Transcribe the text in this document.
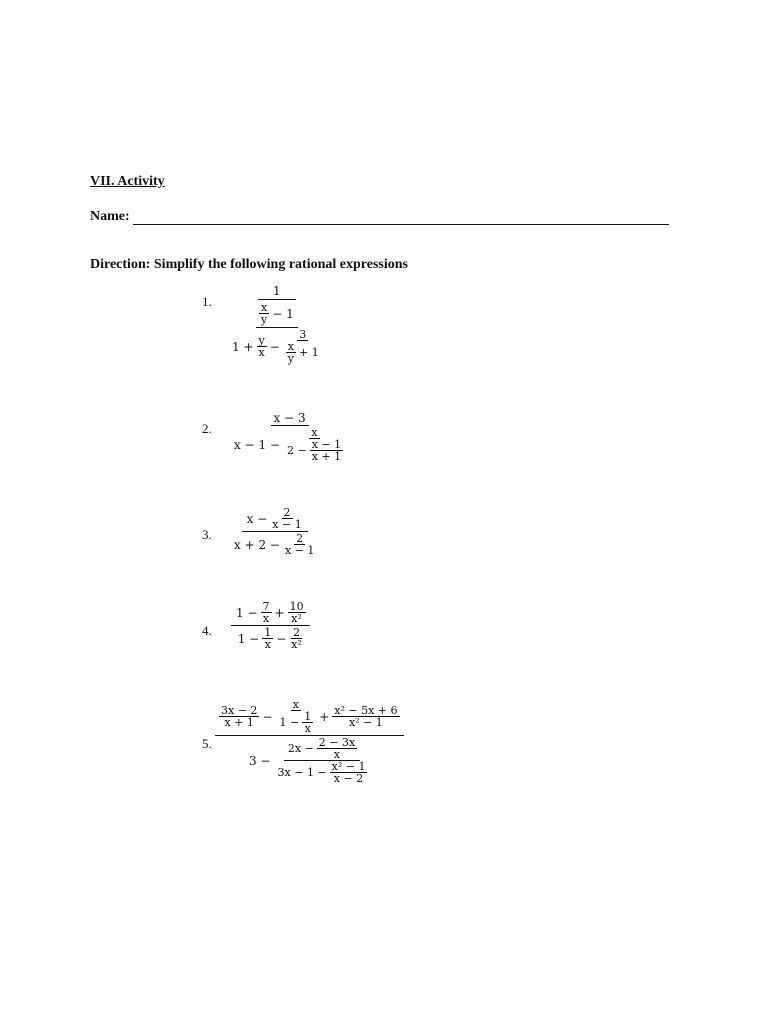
VII. Activity
Name:
Direction: Simplify the following rational expressions
1. 1
$\frac{x}{y} - 1$
$1 + \frac{y}{x} - \frac{3}{\frac{x}{y} + 1}$
2. $\frac{x - 3}{x - 1 - \frac{x}{2 - \frac{x - 1}{x + 1}}}$
3. $\frac{x - \frac{2}{x - 1}}{x + 2 - \frac{2}{x - 1}}$
4. $\frac{1 - \frac{7}{x} + \frac{10}{\text{x²}}}{1 - \frac{1}{x} - \frac{2}{\text{x²}}}$
5. $\frac{\frac{3x - 2}{x + 1} - \frac{x}{1 - \frac{1}{x}} + \frac{\text{x² − 5x + 6}}{\text{x² − 1}}}{3 - \frac{2x - \frac{2 - 3x}{x}}{3x - 1 - \frac{\text{x² − 1}}{x - 2}}}$
